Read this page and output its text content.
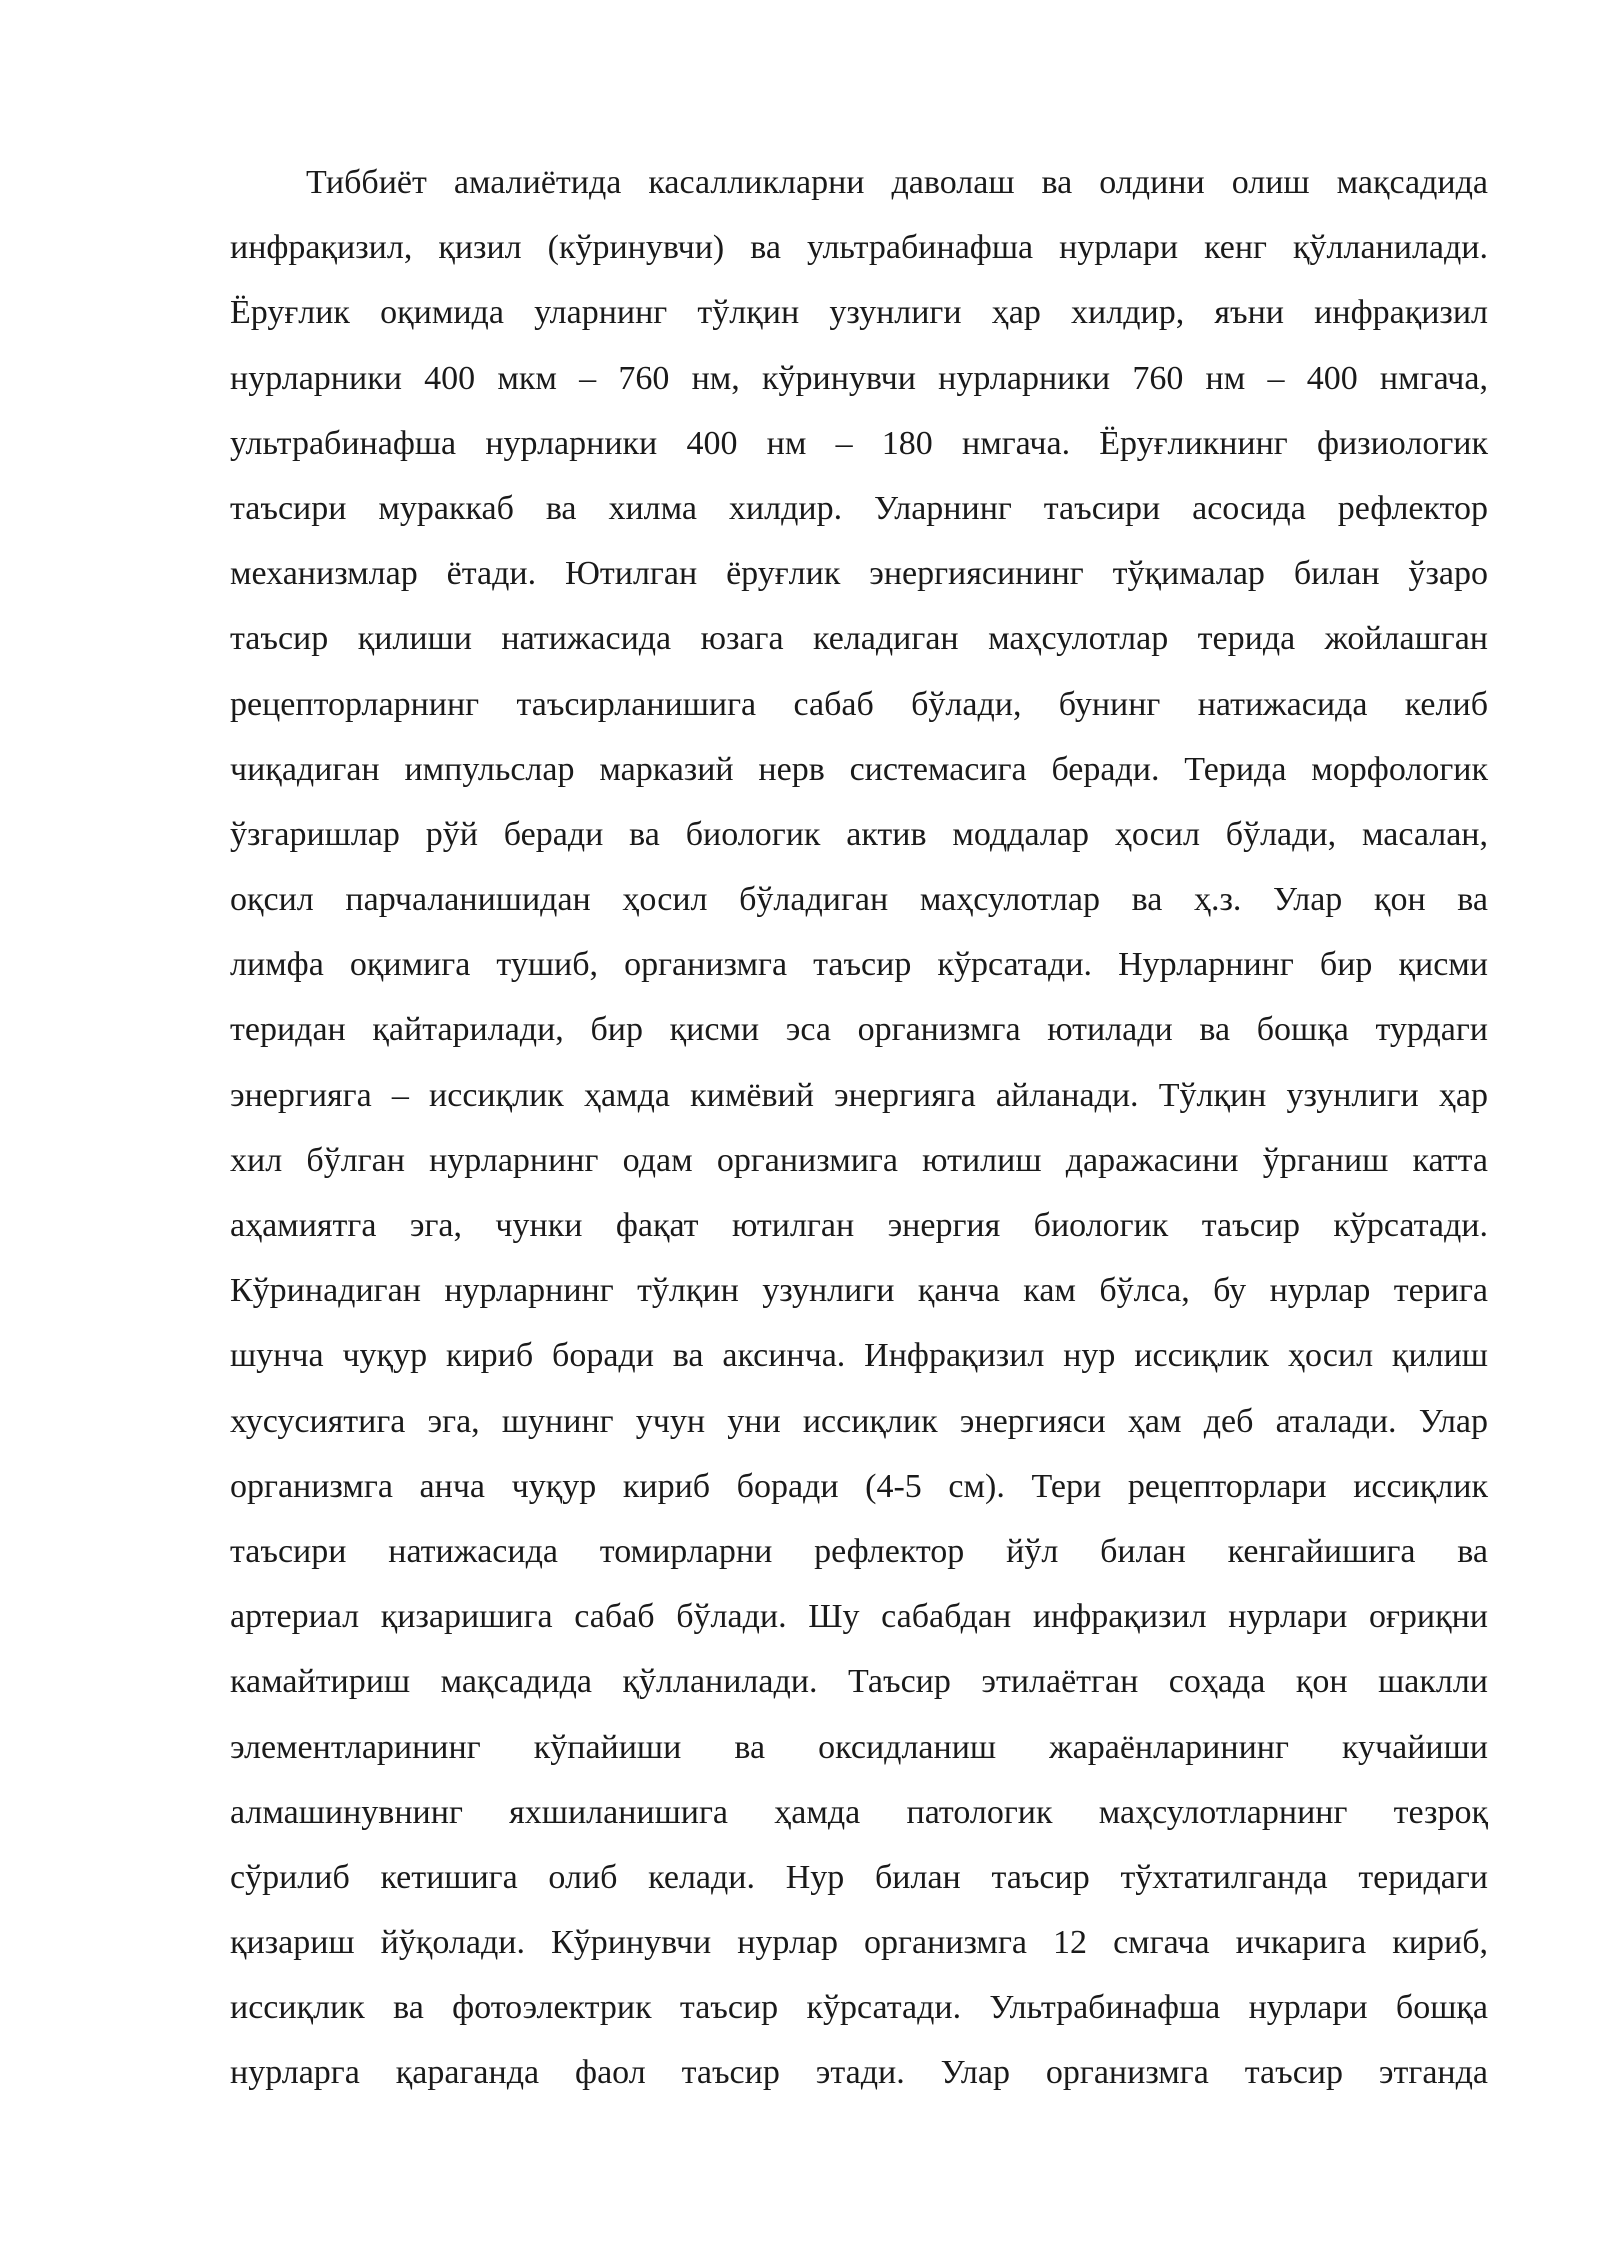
Тиббиёт амалиётида касалликларни даволаш ва олдини олиш мақсадида
инфрақизил, қизил (кўринувчи) ва ультрабинафша нурлари кенг қўлланилади.
Ёруғлик оқимида уларнинг тўлқин узунлиги ҳар хилдир, яъни инфрақизил
нурларники 400 мкм – 760 нм, кўринувчи нурларники 760 нм – 400 нмгача,
ультрабинафша нурларники 400 нм – 180 нмгача. Ёруғликнинг физиологик
таъсири мураккаб ва хилма хилдир. Уларнинг таъсири асосида рефлектор
механизмлар ётади. Ютилган ёруғлик энергиясининг тўқималар билан ўзаро
таъсир қилиши натижасида юзага келадиган маҳсулотлар терида жойлашган
рецепторларнинг таъсирланишига сабаб бўлади, бунинг натижасида келиб
чиқадиган импульслар марказий нерв системасига беради. Терида морфологик
ўзгаришлар рўй беради ва биологик актив моддалар ҳосил бўлади, масалан,
оқсил парчаланишидан ҳосил бўладиган маҳсулотлар ва ҳ.з. Улар қон ва
лимфа оқимига тушиб, организмга таъсир кўрсатади. Нурларнинг бир қисми
теридан қайтарилади, бир қисми эса организмга ютилади ва бошқа турдаги
энергияга – иссиқлик ҳамда кимёвий энергияга айланади. Тўлқин узунлиги ҳар
хил бўлган нурларнинг одам организмига ютилиш даражасини ўрганиш катта
аҳамиятга эга, чунки фақат ютилган энергия биологик таъсир кўрсатади.
Кўринадиган нурларнинг тўлқин узунлиги қанча кам бўлса, бу нурлар терига
шунча чуқур кириб боради ва аксинча. Инфрақизил нур иссиқлик ҳосил қилиш
хусусиятига эга, шунинг учун уни иссиқлик энергияси ҳам деб аталади. Улар
организмга анча чуқур кириб боради (4-5 см). Тери рецепторлари иссиқлик
таъсири натижасида томирларни рефлектор йўл билан кенгайишига ва
артериал қизаришига сабаб бўлади. Шу сабабдан инфрақизил нурлари оғриқни
камайтириш мақсадида қўлланилади. Таъсир этилаётган соҳада қон шаклли
элементларининг кўпайиши ва оксидланиш жараёнларининг кучайиши
алмашинувнинг яхшиланишига ҳамда патологик маҳсулотларнинг тезроқ
сўрилиб кетишига олиб келади. Нур билан таъсир тўхтатилганда теридаги
қизариш йўқолади. Кўринувчи нурлар организмга 12 смгача ичкарига кириб,
иссиқлик ва фотоэлектрик таъсир кўрсатади. Ультрабинафша нурлари бошқа
нурларга қараганда фаол таъсир этади. Улар организмга таъсир этганда
